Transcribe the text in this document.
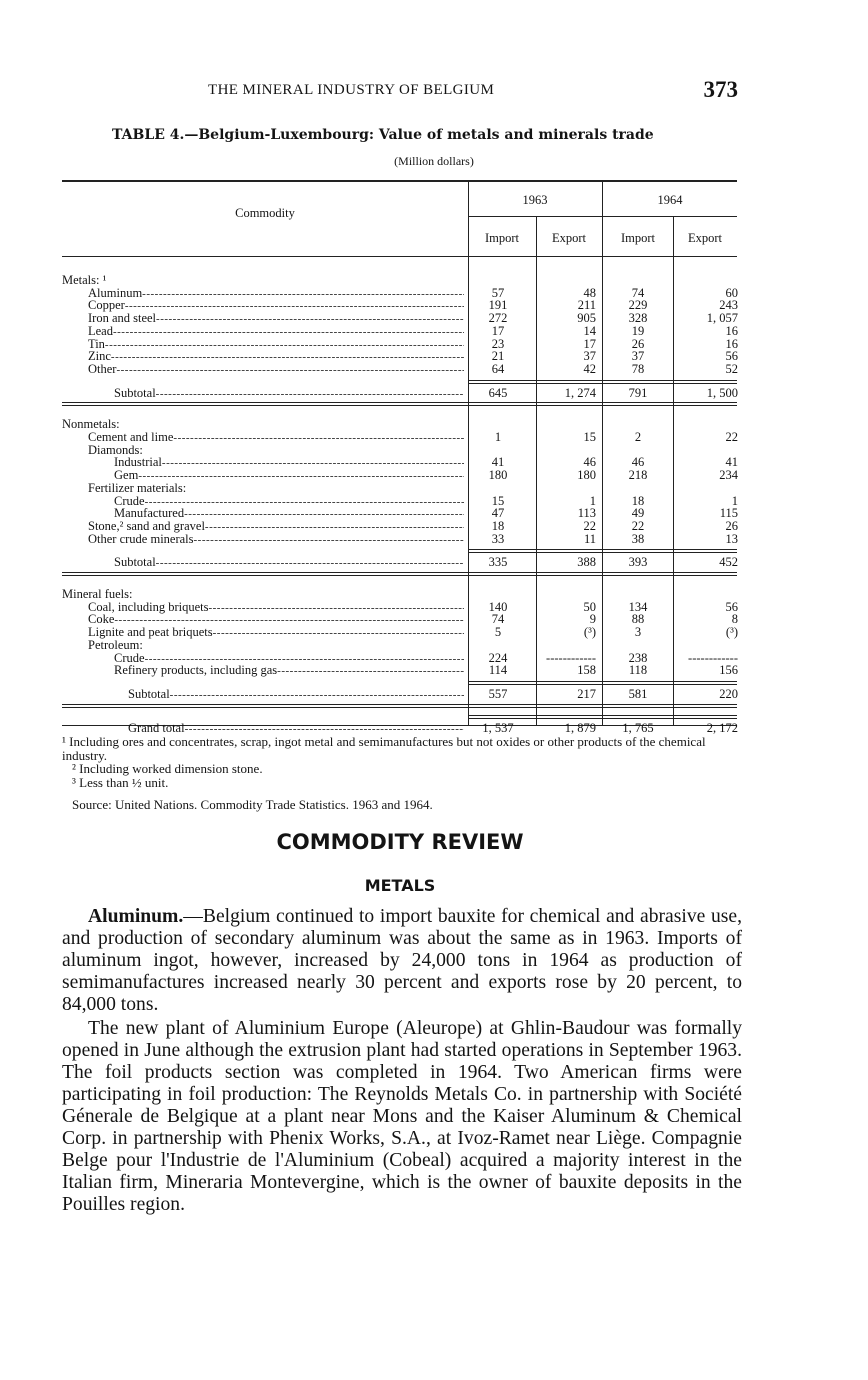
THE MINERAL INDUSTRY OF BELGIUM	373
TABLE 4.—Belgium-Luxembourg: Value of metals and minerals trade
(Million dollars)
Commodity
1963	1964
Import	Export	Import	Export
Metals: ¹
Aluminum -----	57	48	74	60
Copper -----	191	211	229	243
Iron and steel -----	272	905	328	1, 057
Lead -----	17	14	19	16
Tin -----	23	17	26	16
Zinc -----	21	37	37	56
Other -----	64	42	78	52
Subtotal -----	645	1, 274	791	1, 500
Nonmetals:
Cement and lime -----	1	15	2	22
Diamonds:
Industrial -----	41	46	46	41
Gem -----	180	180	218	234
Fertilizer materials:
Crude -----	15	1	18	1
Manufactured -----	47	113	49	115
Stone,² sand and gravel -----	18	22	22	26
Other crude minerals -----	33	11	38	13
Subtotal -----	335	388	393	452
Mineral fuels:
Coal, including briquets -----	140	50	134	56
Coke -----	74	9	88	8
Lignite and peat briquets -----	5	(³)	3	(³)
Petroleum:
Crude -----	224	------------	238	------------
Refinery products, including gas -----	114	158	118	156
Subtotal -----	557	217	581	220
Grand total -----	1, 537	1, 879	1, 765	2, 172

¹ Including ores and concentrates, scrap, ingot metal and semimanufactures but not oxides or other products of the chemical industry.

² Including worked dimension stone.

³ Less than ½ unit.

Source: United Nations. Commodity Trade Statistics. 1963 and 1964.

COMMODITY REVIEW
METALS

Aluminum.—Belgium continued to import bauxite for chemical and abrasive use, and production of secondary aluminum was about the same as in 1963. Imports of aluminum ingot, however, increased by 24,000 tons in 1964 as production of semimanufactures increased nearly 30 percent and exports rose by 20 percent, to 84,000 tons.

The new plant of Aluminium Europe (Aleurope) at Ghlin-Baudour was formally opened in June although the extrusion plant had started operations in September 1963. The foil products section was completed in 1964. Two American firms were participating in foil production: The Reynolds Metals Co. in partnership with Société Génerale de Belgique at a plant near Mons and the Kaiser Aluminum & Chemical Corp. in partnership with Phenix Works, S.A., at Ivoz-Ramet near Liège. Compagnie Belge pour l'Industrie de l'Aluminium (Cobeal) acquired a majority interest in the Italian firm, Mineraria Montevergine, which is the owner of bauxite deposits in the Pouilles region.
